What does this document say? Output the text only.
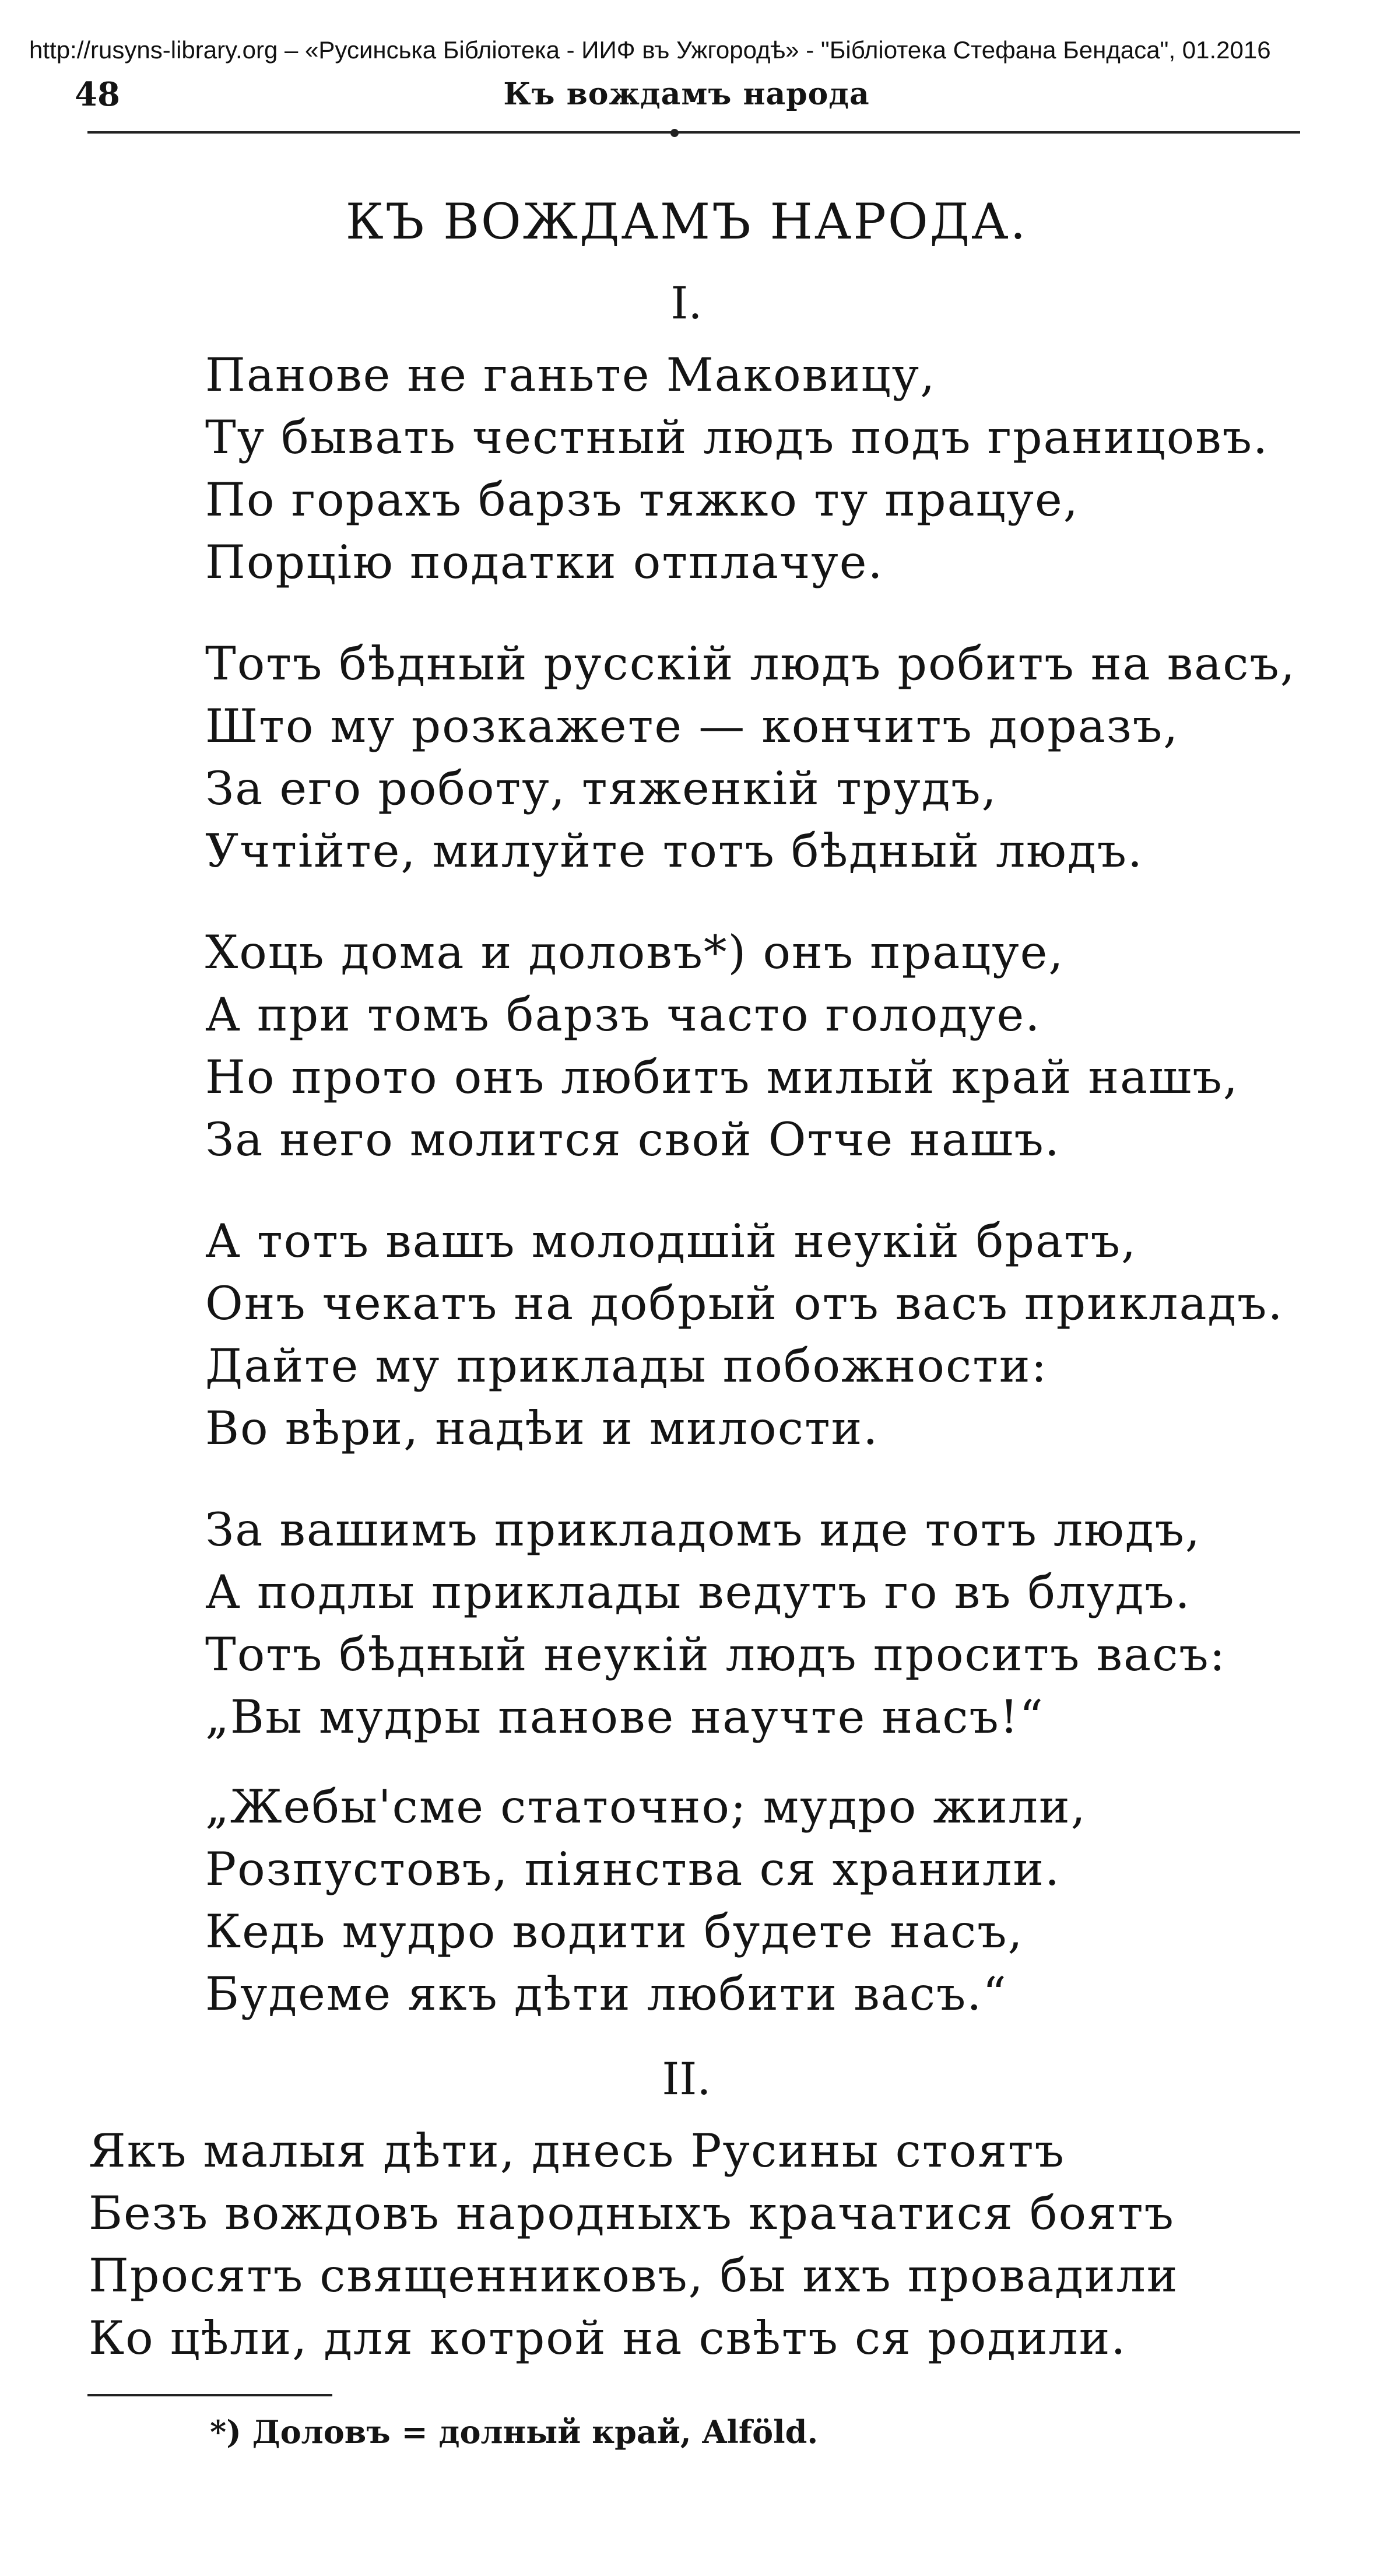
http://rusyns-library.org – «Русинська Бібліотека - ИИФ въ Ужгородѣ» - "Бібліотека Стефана Бендаса", 01.2016
48	Къ вождамъ народа
КЪ ВОЖДАМЪ НАРОДА.
I.
Панове не ганьте Маковицу,
Ту бывать честный людъ подъ границовъ.
По горахъ барзъ тяжко ту працуе,
Порцію податки отплачуе.
Тотъ бѣдный русскій людъ робитъ на васъ,
Што му розкажете — кончитъ доразъ,
За его роботу, тяженкій трудъ,
Учтійте, милуйте тотъ бѣдный людъ.
Хоць дома и доловъ*) онъ працуе,
А при томъ барзъ часто голодуе.
Но прото онъ любитъ милый край нашъ,
За него молится свой Отче нашъ.
А тотъ вашъ молодшій неукій братъ,
Онъ чекатъ на добрый отъ васъ прикладъ.
Дайте му приклады побожности:
Во вѣри, надѣи и милости.
За вашимъ прикладомъ иде тотъ людъ,
А подлы приклады ведутъ го въ блудъ.
Тотъ бѣдный неукій людъ проситъ васъ:
„Вы мудры панове научте насъ!“
„Жебы'сме статочно; мудро жили,
Розпустовъ, піянства ся хранили.
Кедь мудро водити будете насъ,
Будеме якъ дѣти любити васъ.“
II.
Якъ малыя дѣти, днесь Русины стоятъ
Безъ вождовъ народныхъ крачатися боятъ
Просятъ священниковъ, бы ихъ провадили
Ко цѣли, для котрой на свѣтъ ся родили.
*) Доловъ = долный край, Alföld.
